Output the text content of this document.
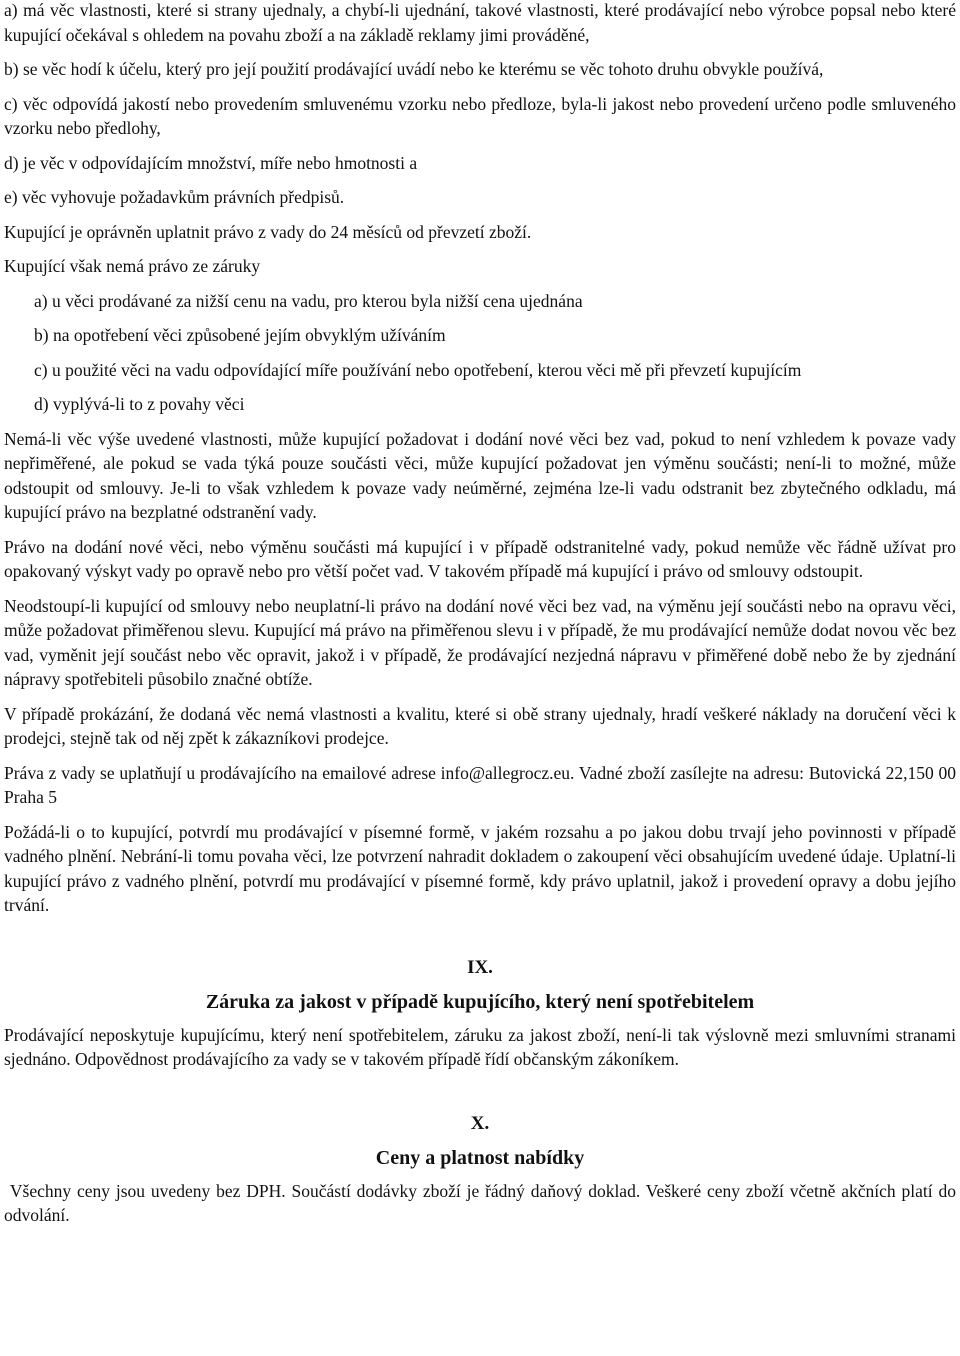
a) má věc vlastnosti, které si strany ujednaly, a chybí-li ujednání, takové vlastnosti, které prodávající nebo výrobce popsal nebo které kupující očekával s ohledem na povahu zboží a na základě reklamy jimi prováděné,

b) se věc hodí k účelu, který pro její použití prodávající uvádí nebo ke kterému se věc tohoto druhu obvykle používá,

c) věc odpovídá jakostí nebo provedením smluvenému vzorku nebo předloze, byla-li jakost nebo provedení určeno podle smluveného vzorku nebo předlohy,

d) je věc v odpovídajícím množství, míře nebo hmotnosti a

e) věc vyhovuje požadavkům právních předpisů.

Kupující je oprávněn uplatnit právo z vady do 24 měsíců od převzetí zboží.

Kupující však nemá právo ze záruky

a) u věci prodávané za nižší cenu na vadu, pro kterou byla nižší cena ujednána

b) na opotřebení věci způsobené jejím obvyklým užíváním

c) u použité věci na vadu odpovídající míře používání nebo opotřebení, kterou věci mě při převzetí kupujícím

d) vyplývá-li to z povahy věci

Nemá-li věc výše uvedené vlastnosti, může kupující požadovat i dodání nové věci bez vad, pokud to není vzhledem k povaze vady nepřiměřené, ale pokud se vada týká pouze součásti věci, může kupující požadovat jen výměnu součásti; není-li to možné, může odstoupit od smlouvy. Je-li to však vzhledem k povaze vady neúměrné, zejména lze-li vadu odstranit bez zbytečného odkladu, má kupující právo na bezplatné odstranění vady.

Právo na dodání nové věci, nebo výměnu součásti má kupující i v případě odstranitelné vady, pokud nemůže věc řádně užívat pro opakovaný výskyt vady po opravě nebo pro větší počet vad. V takovém případě má kupující i právo od smlouvy odstoupit.

Neodstoupí-li kupující od smlouvy nebo neuplatní-li právo na dodání nové věci bez vad, na výměnu její součásti nebo na opravu věci, může požadovat přiměřenou slevu. Kupující má právo na přiměřenou slevu i v případě, že mu prodávající nemůže dodat novou věc bez vad, vyměnit její součást nebo věc opravit, jakož i v případě, že prodávající nezjedná nápravu v přiměřené době nebo že by zjednání nápravy spotřebiteli působilo značné obtíže.

V případě prokázání, že dodaná věc nemá vlastnosti a kvalitu, které si obě strany ujednaly, hradí veškeré náklady na doručení věci k prodejci, stejně tak od něj zpět k zákazníkovi prodejce.

Práva z vady se uplatňují u prodávajícího na emailové adrese info@allegrocz.eu. Vadné zboží zasílejte na adresu: Butovická 22,150 00 Praha 5

Požádá-li o to kupující, potvrdí mu prodávající v písemné formě, v jakém rozsahu a po jakou dobu trvají jeho povinnosti v případě vadného plnění. Nebrání-li tomu povaha věci, lze potvrzení nahradit dokladem o zakoupení věci obsahujícím uvedené údaje. Uplatní-li kupující právo z vadného plnění, potvrdí mu prodávající v písemné formě, kdy právo uplatnil, jakož i provedení opravy a dobu jejího trvání.

IX.

Záruka za jakost v případě kupujícího, který není spotřebitelem

Prodávající neposkytuje kupujícímu, který není spotřebitelem, záruku za jakost zboží, není-li tak výslovně mezi smluvními stranami sjednáno. Odpovědnost prodávajícího za vady se v takovém případě řídí občanským zákoníkem.

X.

Ceny a platnost nabídky

Všechny ceny jsou uvedeny bez DPH. Součástí dodávky zboží je řádný daňový doklad. Veškeré ceny zboží včetně akčních platí do odvolání.
